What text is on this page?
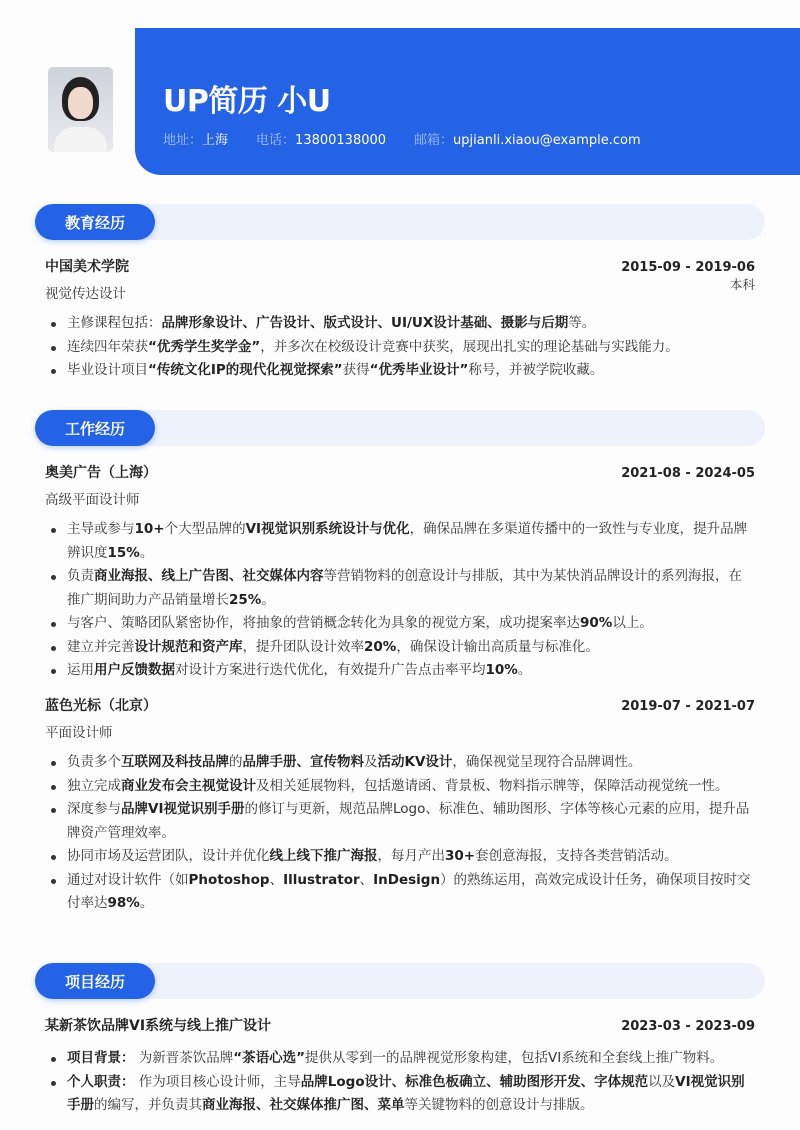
UP简历 小U
地址：上海 电话：13800138000 邮箱：upjianli.xiaou@example.com
教育经历
中国美术学院	2015-09 - 2019-06
本科
视觉传达设计
主修课程包括：品牌形象设计、广告设计、版式设计、UI/UX设计基础、摄影与后期等。
连续四年荣获“优秀学生奖学金”，并多次在校级设计竞赛中获奖，展现出扎实的理论基础与实践能力。
毕业设计项目“传统文化IP的现代化视觉探索”获得“优秀毕业设计”称号，并被学院收藏。
工作经历
奥美广告（上海）	2021-08 - 2024-05
高级平面设计师
主导或参与10+个大型品牌的VI视觉识别系统设计与优化，确保品牌在多渠道传播中的一致性与专业度，提升品牌辨识度15%。
负责商业海报、线上广告图、社交媒体内容等营销物料的创意设计与排版，其中为某快消品牌设计的系列海报，在推广期间助力产品销量增长25%。
与客户、策略团队紧密协作，将抽象的营销概念转化为具象的视觉方案，成功提案率达90%以上。
建立并完善设计规范和资产库，提升团队设计效率20%，确保设计输出高质量与标准化。
运用用户反馈数据对设计方案进行迭代优化，有效提升广告点击率平均10%。
蓝色光标（北京）	2019-07 - 2021-07
平面设计师
负责多个互联网及科技品牌的品牌手册、宣传物料及活动KV设计，确保视觉呈现符合品牌调性。
独立完成商业发布会主视觉设计及相关延展物料，包括邀请函、背景板、物料指示牌等，保障活动视觉统一性。
深度参与品牌VI视觉识别手册的修订与更新，规范品牌Logo、标准色、辅助图形、字体等核心元素的应用，提升品牌资产管理效率。
协同市场及运营团队，设计并优化线上线下推广海报，每月产出30+套创意海报，支持各类营销活动。
通过对设计软件（如Photoshop、Illustrator、InDesign）的熟练运用，高效完成设计任务，确保项目按时交付率达98%。
项目经历
某新茶饮品牌VI系统与线上推广设计	2023-03 - 2023-09
项目背景： 为新晋茶饮品牌“茶语心选”提供从零到一的品牌视觉形象构建，包括VI系统和全套线上推广物料。
个人职责： 作为项目核心设计师，主导品牌Logo设计、标准色板确立、辅助图形开发、字体规范以及VI视觉识别手册的编写，并负责其商业海报、社交媒体推广图、菜单等关键物料的创意设计与排版。
